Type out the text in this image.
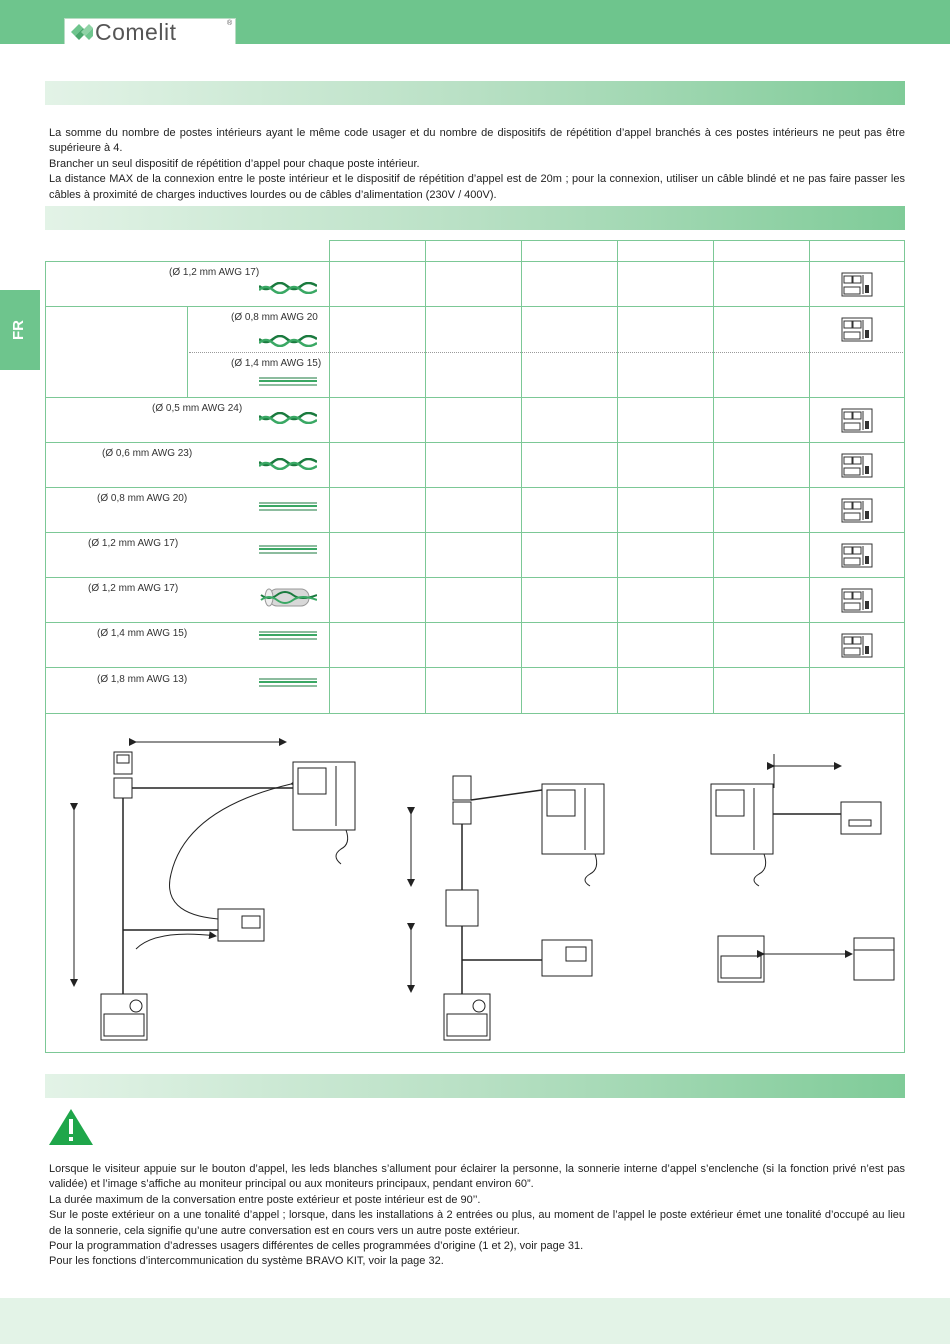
Comelit	®
FR

La somme du nombre de postes intérieurs ayant le même code usager et du nombre de dispositifs de répétition d’appel branchés à ces postes intérieurs ne peut pas être supérieure à 4.

Brancher un seul dispositif de répétition d’appel pour chaque poste intérieur.

La distance MAX de la connexion entre le poste intérieur et le dispositif de répétition d’appel est de 20m ; pour la connexion, utiliser un câble blindé et ne pas faire passer les câbles à proximité de charges inductives lourdes ou de câbles d’alimentation (230V / 400V).

(Ø 1,2 mm AWG 17)
(Ø 0,8 mm AWG 20
(Ø 1,4 mm AWG 15)
(Ø 0,5 mm AWG 24)
(Ø 0,6 mm AWG 23)
(Ø 0,8 mm AWG 20)
(Ø 1,2 mm AWG 17)
(Ø 1,2 mm AWG 17)
(Ø 1,4 mm AWG 15)
(Ø 1,8 mm AWG 13)

Lorsque le visiteur appuie sur le bouton d’appel, les leds blanches s’allument pour éclairer la personne, la sonnerie interne d’appel s’enclenche (si la fonction privé n’est pas validée) et l’image s’affiche au moniteur principal ou aux moniteurs principaux, pendant environ 60”.

La durée maximum de la conversation entre poste extérieur et poste intérieur est de 90’’.

Sur le poste extérieur on a une tonalité d’appel ; lorsque, dans les installations à 2 entrées ou plus, au moment de l’appel le poste extérieur émet une tonalité d’occupé au lieu de la sonnerie, cela signifie qu’une autre conversation est en cours vers un autre poste extérieur.

Pour la programmation d’adresses usagers différentes de celles programmées d’origine (1 et 2), voir page 31.

Pour les fonctions d’intercommunication du système BRAVO KIT, voir la page 32.
